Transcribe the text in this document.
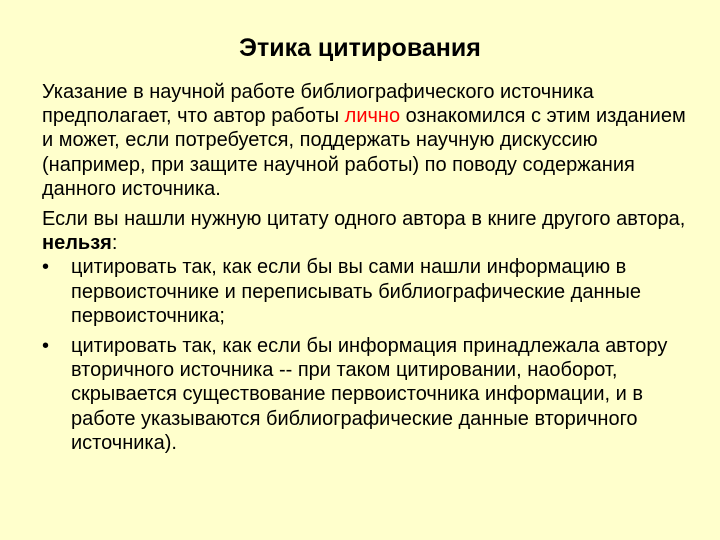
Этика цитирования

Указание в научной работе библиографического источника предполагает, что автор работы лично ознакомился с этим изданием и может, если потребуется, поддержать научную дискуссию (например, при защите научной работы) по поводу содержания данного источника.

Если вы нашли нужную цитату одного автора в книге другого автора, нельзя:

•	цитировать так, как если бы вы сами нашли информацию в первоисточнике и переписывать библиографические данные первоисточника;
•	цитировать так, как если бы информация принадлежала автору вторичного источника -- при таком цитировании, наоборот, скрывается существование первоисточника информации, и в работе указываются библиографические данные вторичного источника).
